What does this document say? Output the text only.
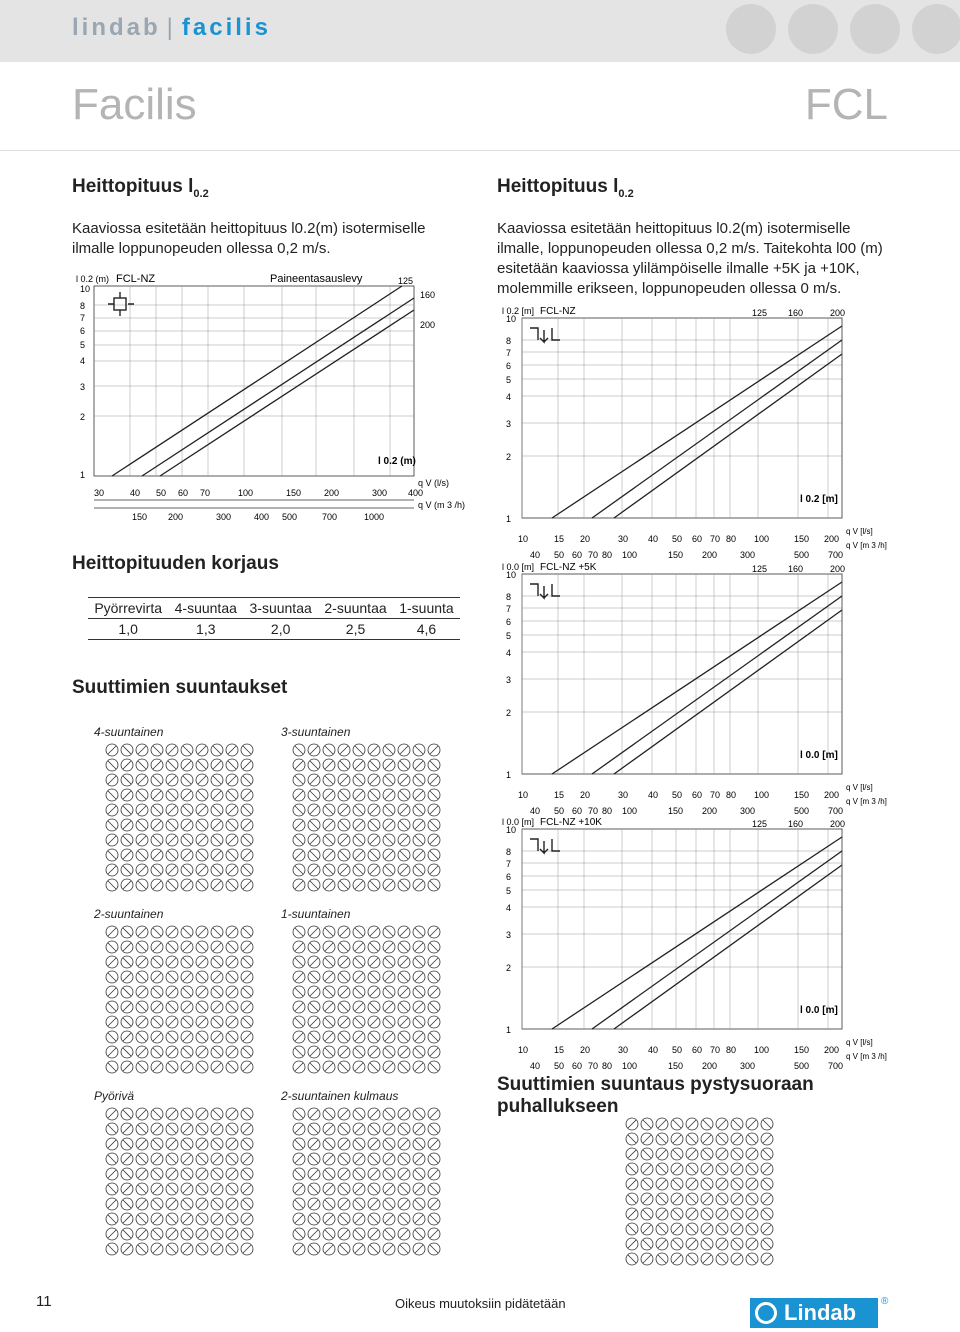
lindab | facilis
Facilis	FCL
Heittopituus $l_{0.2}$
Kaaviossa esitetään heittopituus l0.2(m) isotermiselle ilmalle loppunopeuden ollessa 0,2 m/s.
l 0.2 (m) FCL-NZ	Paineentasauslevy	125
160
200
10
8
7
6
5
4
3
2
1
l 0.2 (m)
30	40 50 60 70	100	150	200	300 400
q V (l/s)
150 200	300	400 500	700	1000
q V (m 3 /h)
Heittopituuden korjaus
Pyörrevirta	4-suuntaa	3-suuntaa	2-suuntaa	1-suunta
1,0	1,3	2,0	2,5	4,6
Suuttimien suuntaukset
4-suuntainen	3-suuntainen
2-suuntainen	1-suuntainen
Pyörivä	2-suuntainen kulmaus
Heittopituus $l_{0.2}$
Kaaviossa esitetään heittopituus l0.2(m) isotermiselle ilmalle, loppunopeuden ollessa 0,2 m/s. Taitekohta l00 (m) esitetään kaaviossa ylilämpöiselle ilmalle +5K ja +10K, molemmille erikseen, loppunopeuden ollessa 0 m/s.
l 0.2 [m] FCL-NZ
10
8
7
6
5
4
3
2
1
125 160	200
l 0.2 [m]
10	15 20	30 40 50 60 70 80 100	150 200
q V [l/s]
40 50 60 70 80 100	150 200	300	500 700
q V [m 3 /h]
l 0.0 [m] FCL-NZ +5K
10
8
7
6
5
4
3
2
1
125 160	200
l 0.0 [m]
10	15 20	30 40 50 60 70 80 100	150 200
q V [l/s]
40 50 60 70 80 100	150 200	300	500 700
q V [m 3 /h]
l 0.0 [m] FCL-NZ +10K
10
8
7
6
5
4
3
2
1
125 160	200
l 0.0 [m]
10	15 20	30 40 50 60 70 80 100	150 200
q V [l/s]
40 50 60 70 80 100	150 200	300	500 700
q V [m 3 /h]
Suuttimien suuntaus pystysuoraan puhallukseen
11	Oikeus muutoksiin pidätetään	Lindab	®
